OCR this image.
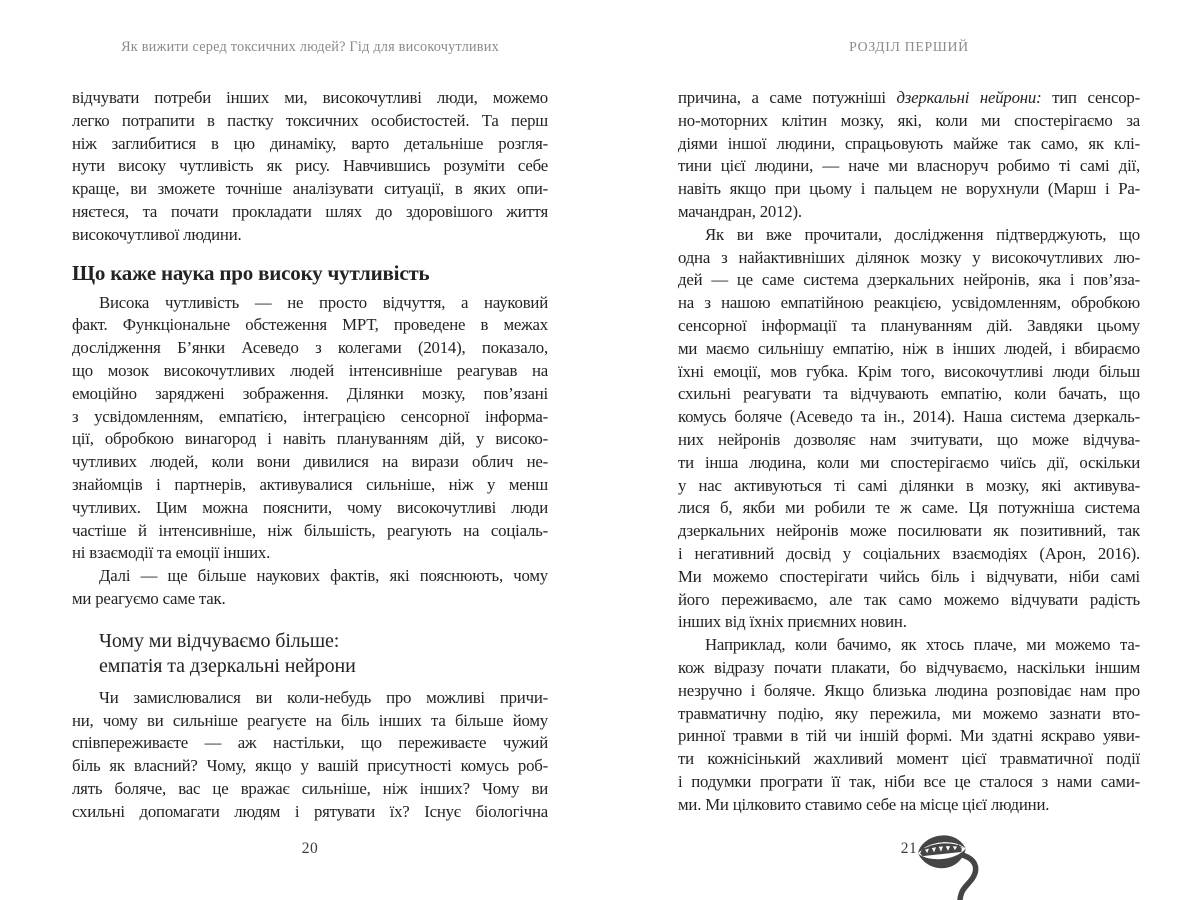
Як вижити серед токсичних людей? Гід для високочутливих
відчувати потреби інших ми, високочутливі люди, можемо
легко потрапити в пастку токсичних особистостей. Та перш
ніж заглибитися в цю динаміку, варто детальніше розгля-
нути високу чутливість як рису. Навчившись розуміти себе
краще, ви зможете точніше аналізувати ситуації, в яких опи-
няєтеся, та почати прокладати шлях до здоровішого життя
високочутливої людини.
Що каже наука про високу чутливість
Висока чутливість — не просто відчуття, а науковий
факт. Функціональне обстеження МРТ, проведене в межах
дослідження Б’янки Асеведо з колегами (2014), показало,
що мозок високочутливих людей інтенсивніше реагував на
емоційно заряджені зображення. Ділянки мозку, пов’язані
з усвідомленням, емпатією, інтеграцією сенсорної інформа-
ції, обробкою винагород і навіть плануванням дій, у високо-
чутливих людей, коли вони дивилися на вирази облич не-
знайомців і партнерів, активувалися сильніше, ніж у менш
чутливих. Цим можна пояснити, чому високочутливі люди
частіше й інтенсивніше, ніж більшість, реагують на соціаль-
ні взаємодії та емоції інших.
Далі — ще більше наукових фактів, які пояснюють, чому
ми реагуємо саме так.
Чому ми відчуваємо більше:
емпатія та дзеркальні нейрони
Чи замислювалися ви коли-небудь про можливі причи-
ни, чому ви сильніше реагуєте на біль інших та більше йому
співпереживаєте — аж настільки, що переживаєте чужий
біль як власний? Чому, якщо у вашій присутності комусь роб-
лять боляче, вас це вражає сильніше, ніж інших? Чому ви
схильні допомагати людям і рятувати їх? Існує біологічна
20
РОЗДІЛ ПЕРШИЙ
причина, а саме потужніші дзеркальні нейрони: тип сенсор-
но-моторних клітин мозку, які, коли ми спостерігаємо за
діями іншої людини, спрацьовують майже так само, як клі-
тини цієї людини, — наче ми власноруч робимо ті самі дії,
навіть якщо при цьому і пальцем не ворухнули (Марш і Ра-
мачандран, 2012).
Як ви вже прочитали, дослідження підтверджують, що
одна з найактивніших ділянок мозку у високочутливих лю-
дей — це саме система дзеркальних нейронів, яка і пов’яза-
на з нашою емпатійною реакцією, усвідомленням, обробкою
сенсорної інформації та плануванням дій. Завдяки цьому
ми маємо сильнішу емпатію, ніж в інших людей, і вбираємо
їхні емоції, мов губка. Крім того, високочутливі люди більш
схильні реагувати та відчувають емпатію, коли бачать, що
комусь боляче (Асеведо та ін., 2014). Наша система дзеркаль-
них нейронів дозволяє нам зчитувати, що може відчува-
ти інша людина, коли ми спостерігаємо чиїсь дії, оскільки
у нас активуються ті самі ділянки в мозку, які активува-
лися б, якби ми робили те ж саме. Ця потужніша система
дзеркальних нейронів може посилювати як позитивний, так
і негативний досвід у соціальних взаємодіях (Арон, 2016).
Ми можемо спостерігати чийсь біль і відчувати, ніби самі
його переживаємо, але так само можемо відчувати радість
інших від їхніх приємних новин.
Наприклад, коли бачимо, як хтось плаче, ми можемо та-
кож відразу почати плакати, бо відчуваємо, наскільки іншим
незручно і боляче. Якщо близька людина розповідає нам про
травматичну подію, яку пережила, ми можемо зазнати вто-
ринної травми в тій чи іншій формі. Ми здатні яскраво уяви-
ти кожнісінький жахливий момент цієї травматичної події
і подумки програти її так, ніби все це сталося з нами сами-
ми. Ми цілковито ставимо себе на місце цієї людини.
21
